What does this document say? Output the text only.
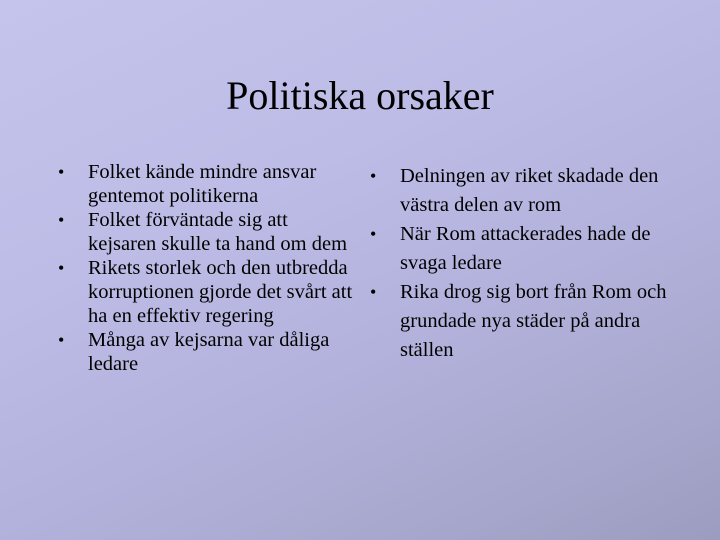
Politiska orsaker
• Folket kände mindre ansvar gentemot politikerna
• Folket förväntade sig att kejsaren skulle ta hand om dem
• Rikets storlek och den utbredda korruptionen gjorde det svårt att ha en effektiv regering
• Många av kejsarna var dåliga ledare
• Delningen av riket skadade den västra delen av rom
• När Rom attackerades hade de svaga ledare
• Rika drog sig bort från Rom och grundade nya städer på andra ställen
